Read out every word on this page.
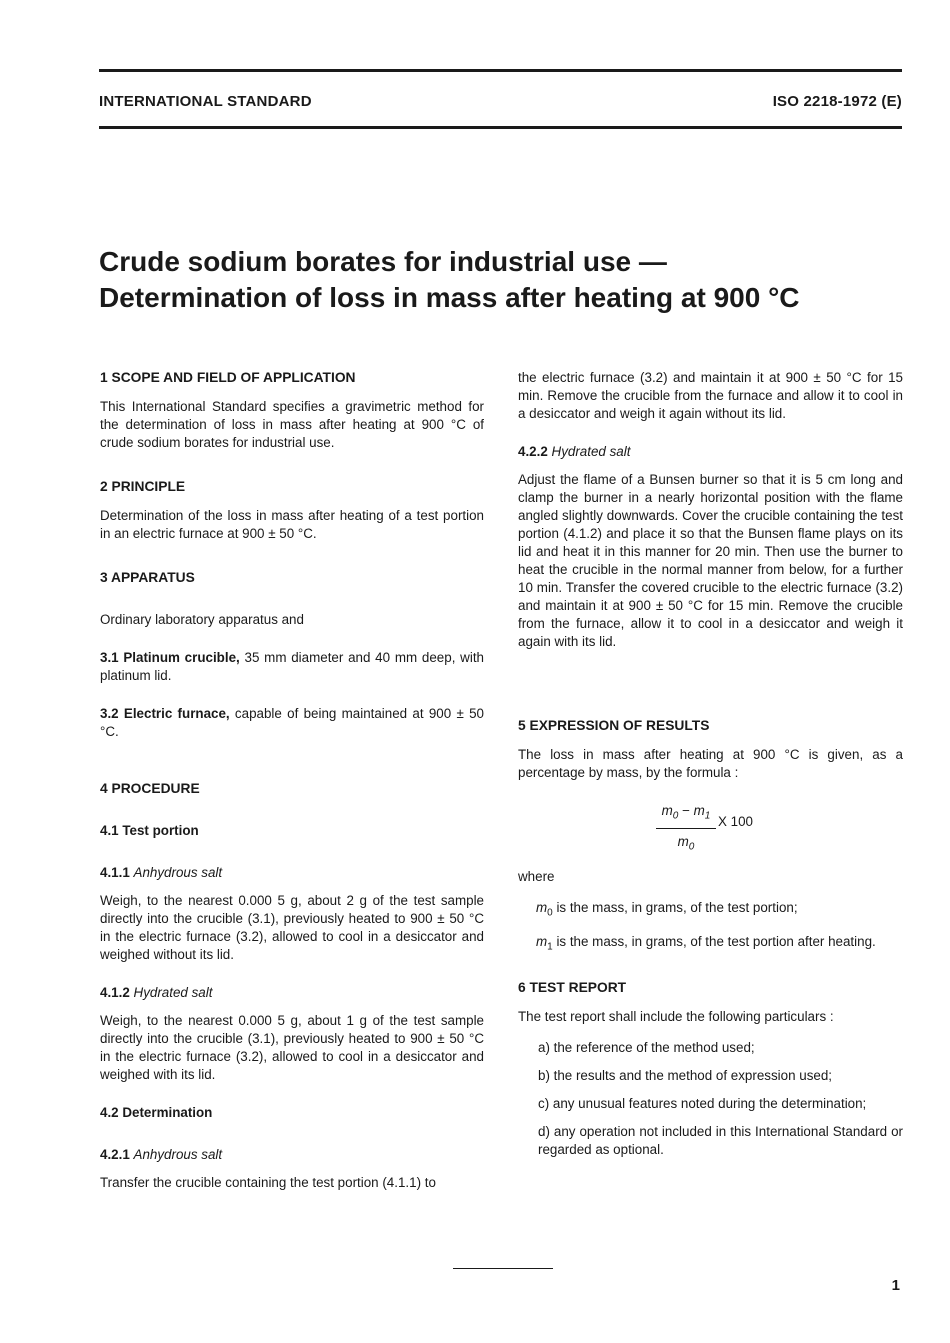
INTERNATIONAL STANDARD	ISO 2218-1972 (E)
Crude sodium borates for industrial use —
Determination of loss in mass after heating at 900 °C
1 SCOPE AND FIELD OF APPLICATION

This International Standard specifies a gravimetric method for the determination of loss in mass after heating at 900 °C of crude sodium borates for industrial use.

2 PRINCIPLE

Determination of the loss in mass after heating of a test portion in an electric furnace at 900 ± 50 °C.

3 APPARATUS

Ordinary laboratory apparatus and

3.1 Platinum crucible, 35 mm diameter and 40 mm deep, with platinum lid.

3.2 Electric furnace, capable of being maintained at 900 ± 50 °C.

4 PROCEDURE
4.1 Test portion
4.1.1 Anhydrous salt

Weigh, to the nearest 0.000 5 g, about 2 g of the test sample directly into the crucible (3.1), previously heated to 900 ± 50 °C in the electric furnace (3.2), allowed to cool in a desiccator and weighed without its lid.

4.1.2 Hydrated salt

Weigh, to the nearest 0.000 5 g, about 1 g of the test sample directly into the crucible (3.1), previously heated to 900 ± 50 °C in the electric furnace (3.2), allowed to cool in a desiccator and weighed with its lid.

4.2 Determination
4.2.1 Anhydrous salt

Transfer the crucible containing the test portion (4.1.1) to

the electric furnace (3.2) and maintain it at 900 ± 50 °C for 15 min. Remove the crucible from the furnace and allow it to cool in a desiccator and weigh it again without its lid.

4.2.2 Hydrated salt

Adjust the flame of a Bunsen burner so that it is 5 cm long and clamp the burner in a nearly horizontal position with the flame angled slightly downwards. Cover the crucible containing the test portion (4.1.2) and place it so that the Bunsen flame plays on its lid and heat it in this manner for 20 min. Then use the burner to heat the crucible in the normal manner from below, for a further 10 min. Transfer the covered crucible to the electric furnace (3.2) and maintain it at 900 ± 50 °C for 15 min. Remove the crucible from the furnace, allow it to cool in a desiccator and weigh it again with its lid.

5 EXPRESSION OF RESULTS

The loss in mass after heating at 900 °C is given, as a percentage by mass, by the formula :

$\frac{m_0 - m_1}{m_0}$ X 100

where

$m_0$ is the mass, in grams, of the test portion;

$m_1$ is the mass, in grams, of the test portion after heating.

6 TEST REPORT

The test report shall include the following particulars :

a) the reference of the method used;

b) the results and the method of expression used;

c) any unusual features noted during the determination;

d) any operation not included in this International Standard or regarded as optional.

1
